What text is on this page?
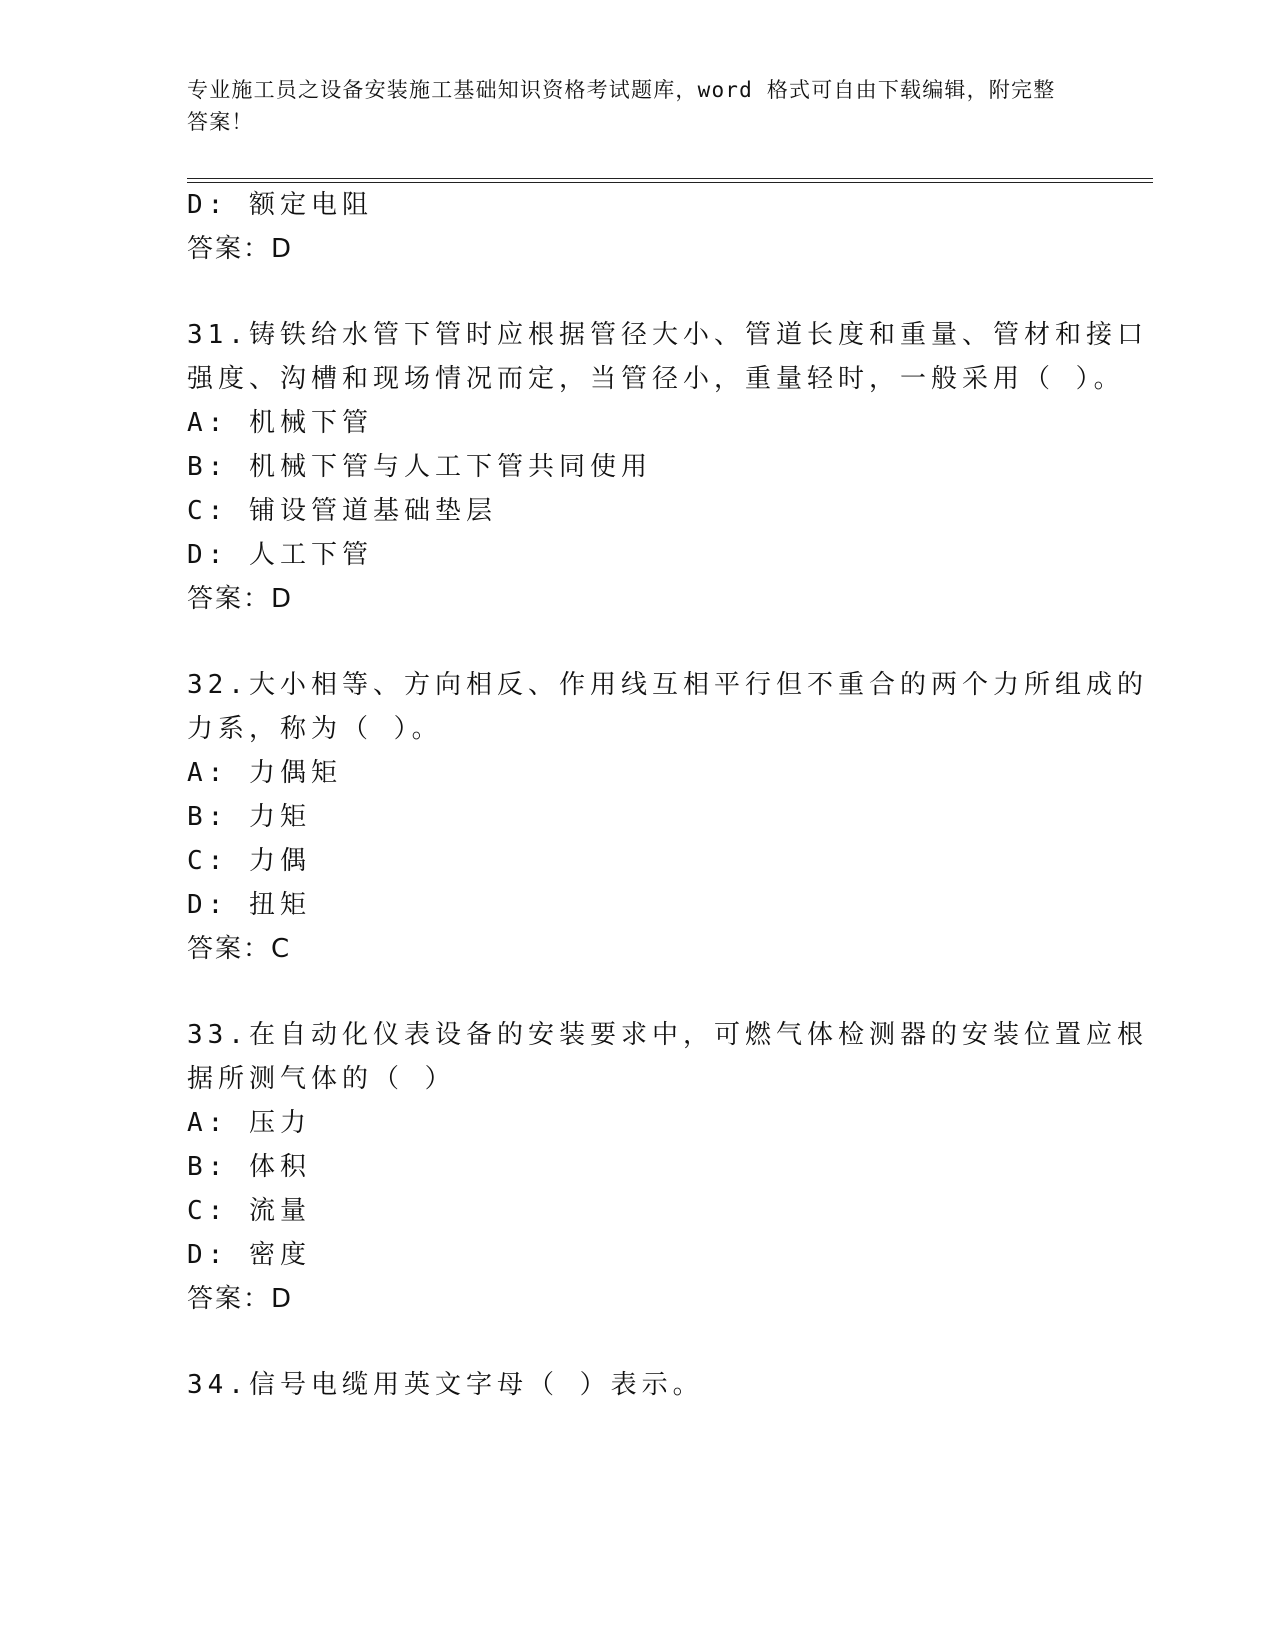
专业施工员之设备安装施工基础知识资格考试题库，word 格式可自由下载编辑，附完整答案！
D: 额定电阻
答案：D
31.铸铁给水管下管时应根据管径大小、管道长度和重量、管材和接口
强度、沟槽和现场情况而定，当管径小，重量轻时，一般采用（ ）。
A: 机械下管
B: 机械下管与人工下管共同使用
C: 铺设管道基础垫层
D: 人工下管
答案：D
32.大小相等、方向相反、作用线互相平行但不重合的两个力所组成的
力系，称为（ ）。
A: 力偶矩
B: 力矩
C: 力偶
D: 扭矩
答案：C
33.在自动化仪表设备的安装要求中，可燃气体检测器的安装位置应根
据所测气体的（ ）
A: 压力
B: 体积
C: 流量
D: 密度
答案：D
34.信号电缆用英文字母（ ）表示。
